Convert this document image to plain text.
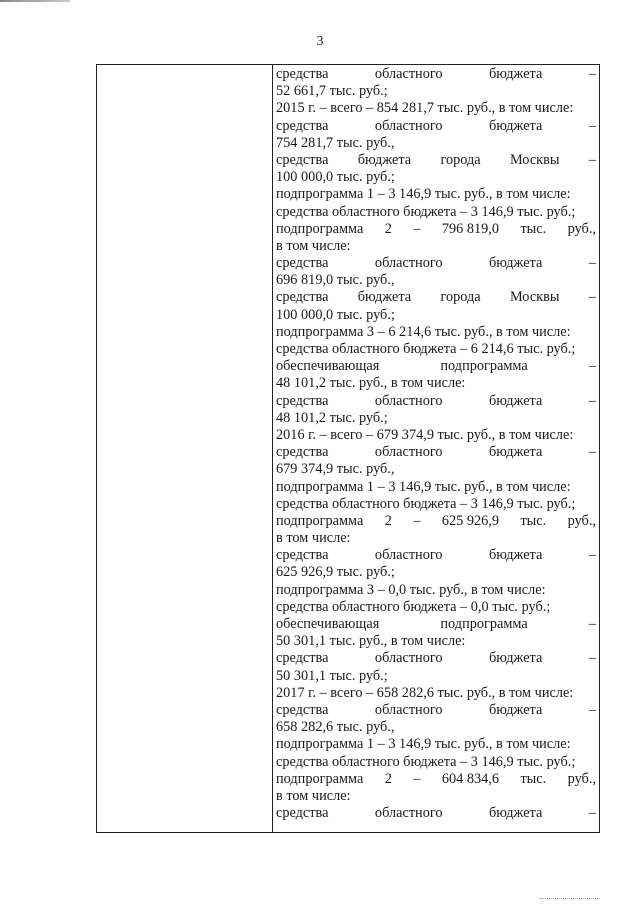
3
средства	областного	бюджета	–
52 661,7 тыс. руб.;
2015 г. – всего – 854 281,7 тыс. руб., в том числе:
средства	областного	бюджета	–
754 281,7 тыс. руб.,
средства бюджета города Москвы –
100 000,0 тыс. руб.;
подпрограмма 1 – 3 146,9 тыс. руб., в том числе:
средства областного бюджета – 3 146,9 тыс. руб.;
подпрограмма 2 – 796 819,0 тыс. руб.,
в том числе:
средства	областного	бюджета	–
696 819,0 тыс. руб.,
средства бюджета города Москвы –
100 000,0 тыс. руб.;
подпрограмма 3 – 6 214,6 тыс. руб., в том числе:
средства областного бюджета – 6 214,6 тыс. руб.;
обеспечивающая	подпрограмма	–
48 101,2 тыс. руб., в том числе:
средства	областного	бюджета	–
48 101,2 тыс. руб.;
2016 г. – всего – 679 374,9 тыс. руб., в том числе:
средства	областного	бюджета	–
679 374,9 тыс. руб.,
подпрограмма 1 – 3 146,9 тыс. руб., в том числе:
средства областного бюджета – 3 146,9 тыс. руб.;
подпрограмма 2 – 625 926,9 тыс. руб.,
в том числе:
средства	областного	бюджета	–
625 926,9 тыс. руб.;
подпрограмма 3 – 0,0 тыс. руб., в том числе:
средства областного бюджета – 0,0 тыс. руб.;
обеспечивающая	подпрограмма	–
50 301,1 тыс. руб., в том числе:
средства	областного	бюджета	–
50 301,1 тыс. руб.;
2017 г. – всего – 658 282,6 тыс. руб., в том числе:
средства	областного	бюджета	–
658 282,6 тыс. руб.,
подпрограмма 1 – 3 146,9 тыс. руб., в том числе:
средства областного бюджета – 3 146,9 тыс. руб.;
подпрограмма 2 – 604 834,6 тыс. руб.,
в том числе:
средства	областного	бюджета	–
